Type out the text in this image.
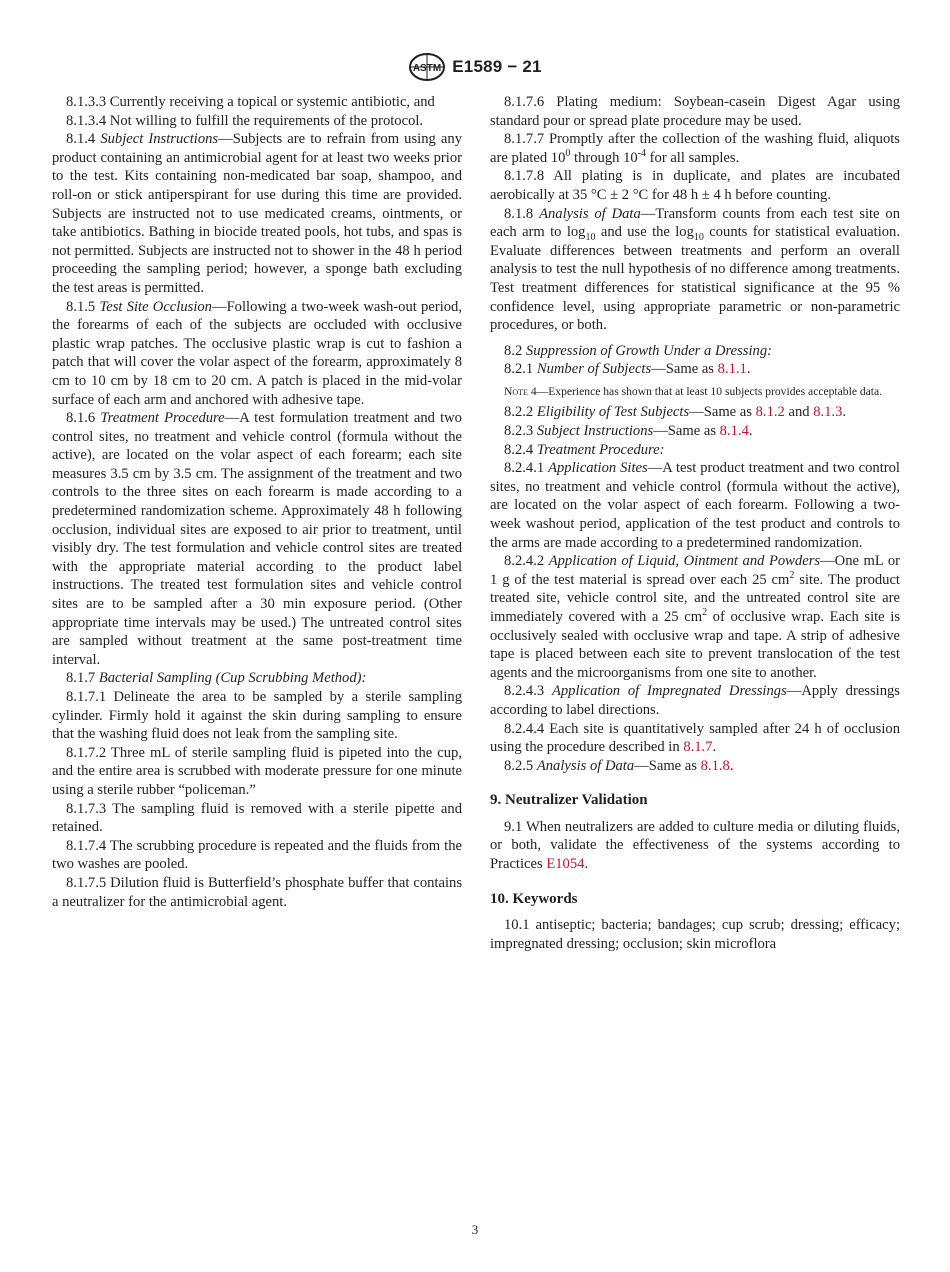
ASTM E1589 − 21

8.1.3.3 Currently receiving a topical or systemic antibiotic, and

8.1.3.4 Not willing to fulfill the requirements of the protocol.

8.1.4 Subject Instructions—Subjects are to refrain from using any product containing an antimicrobial agent for at least two weeks prior to the test. Kits containing non-medicated bar soap, shampoo, and roll-on or stick antiperspirant for use during this time are provided. Subjects are instructed not to use medicated creams, ointments, or take antibiotics. Bathing in biocide treated pools, hot tubs, and spas is not permitted. Subjects are instructed not to shower in the 48 h period proceeding the sampling period; however, a sponge bath excluding the test areas is permitted.

8.1.5 Test Site Occlusion—Following a two-week wash-out period, the forearms of each of the subjects are occluded with occlusive plastic wrap patches. The occlusive plastic wrap is cut to fashion a patch that will cover the volar aspect of the forearm, approximately 8 cm to 10 cm by 18 cm to 20 cm. A patch is placed in the mid-volar surface of each arm and anchored with adhesive tape.

8.1.6 Treatment Procedure—A test formulation treatment and two control sites, no treatment and vehicle control (formula without the active), are located on the volar aspect of each forearm; each site measures 3.5 cm by 3.5 cm. The assignment of the treatment and two controls to the three sites on each forearm is made according to a predetermined randomization scheme. Approximately 48 h following occlusion, individual sites are exposed to air prior to treatment, until visibly dry. The test formulation and vehicle control sites are treated with the appropriate material according to the product label instructions. The treated test formulation sites and vehicle control sites are to be sampled after a 30 min exposure period. (Other appropriate time intervals may be used.) The untreated control sites are sampled without treatment at the same post-treatment time interval.

8.1.7 Bacterial Sampling (Cup Scrubbing Method):

8.1.7.1 Delineate the area to be sampled by a sterile sampling cylinder. Firmly hold it against the skin during sampling to ensure that the washing fluid does not leak from the sampling site.

8.1.7.2 Three mL of sterile sampling fluid is pipeted into the cup, and the entire area is scrubbed with moderate pressure for one minute using a sterile rubber “policeman.”

8.1.7.3 The sampling fluid is removed with a sterile pipette and retained.

8.1.7.4 The scrubbing procedure is repeated and the fluids from the two washes are pooled.

8.1.7.5 Dilution fluid is Butterfield’s phosphate buffer that contains a neutralizer for the antimicrobial agent.

8.1.7.6 Plating medium: Soybean-casein Digest Agar using standard pour or spread plate procedure may be used.

8.1.7.7 Promptly after the collection of the washing fluid, aliquots are plated $10^0$ through $10^{-4}$ for all samples.

8.1.7.8 All plating is in duplicate, and plates are incubated aerobically at 35 °C ± 2 °C for 48 h ± 4 h before counting.

8.1.8 Analysis of Data—Transform counts from each test site on each arm to $\log_{10}$ and use the $\log_{10}$ counts for statistical evaluation. Evaluate differences between treatments and perform an overall analysis to test the null hypothesis of no difference among treatments. Test treatment differences for statistical significance at the 95 % confidence level, using appropriate parametric or non-parametric procedures, or both.

8.2 Suppression of Growth Under a Dressing:

8.2.1 Number of Subjects—Same as 8.1.1.

Note 4—Experience has shown that at least 10 subjects provides acceptable data.

8.2.2 Eligibility of Test Subjects—Same as 8.1.2 and 8.1.3.

8.2.3 Subject Instructions—Same as 8.1.4.

8.2.4 Treatment Procedure:

8.2.4.1 Application Sites—A test product treatment and two control sites, no treatment and vehicle control (formula without the active), are located on the volar aspect of each forearm. Following a two-week washout period, application of the test product and controls to the arms are made according to a predetermined randomization.

8.2.4.2 Application of Liquid, Ointment and Powders—One mL or 1 g of the test material is spread over each 25 $cm^2$ site. The product treated site, vehicle control site, and the untreated control site are immediately covered with a 25 $cm^2$ of occlusive wrap. Each site is occlusively sealed with occlusive wrap and tape. A strip of adhesive tape is placed between each site to prevent translocation of the test agents and the microorganisms from one site to another.

8.2.4.3 Application of Impregnated Dressings—Apply dressings according to label directions.

8.2.4.4 Each site is quantitatively sampled after 24 h of occlusion using the procedure described in 8.1.7.

8.2.5 Analysis of Data—Same as 8.1.8.

9. Neutralizer Validation

9.1 When neutralizers are added to culture media or diluting fluids, or both, validate the effectiveness of the systems according to Practices E1054.

10. Keywords

10.1 antiseptic; bacteria; bandages; cup scrub; dressing; efficacy; impregnated dressing; occlusion; skin microflora

3
